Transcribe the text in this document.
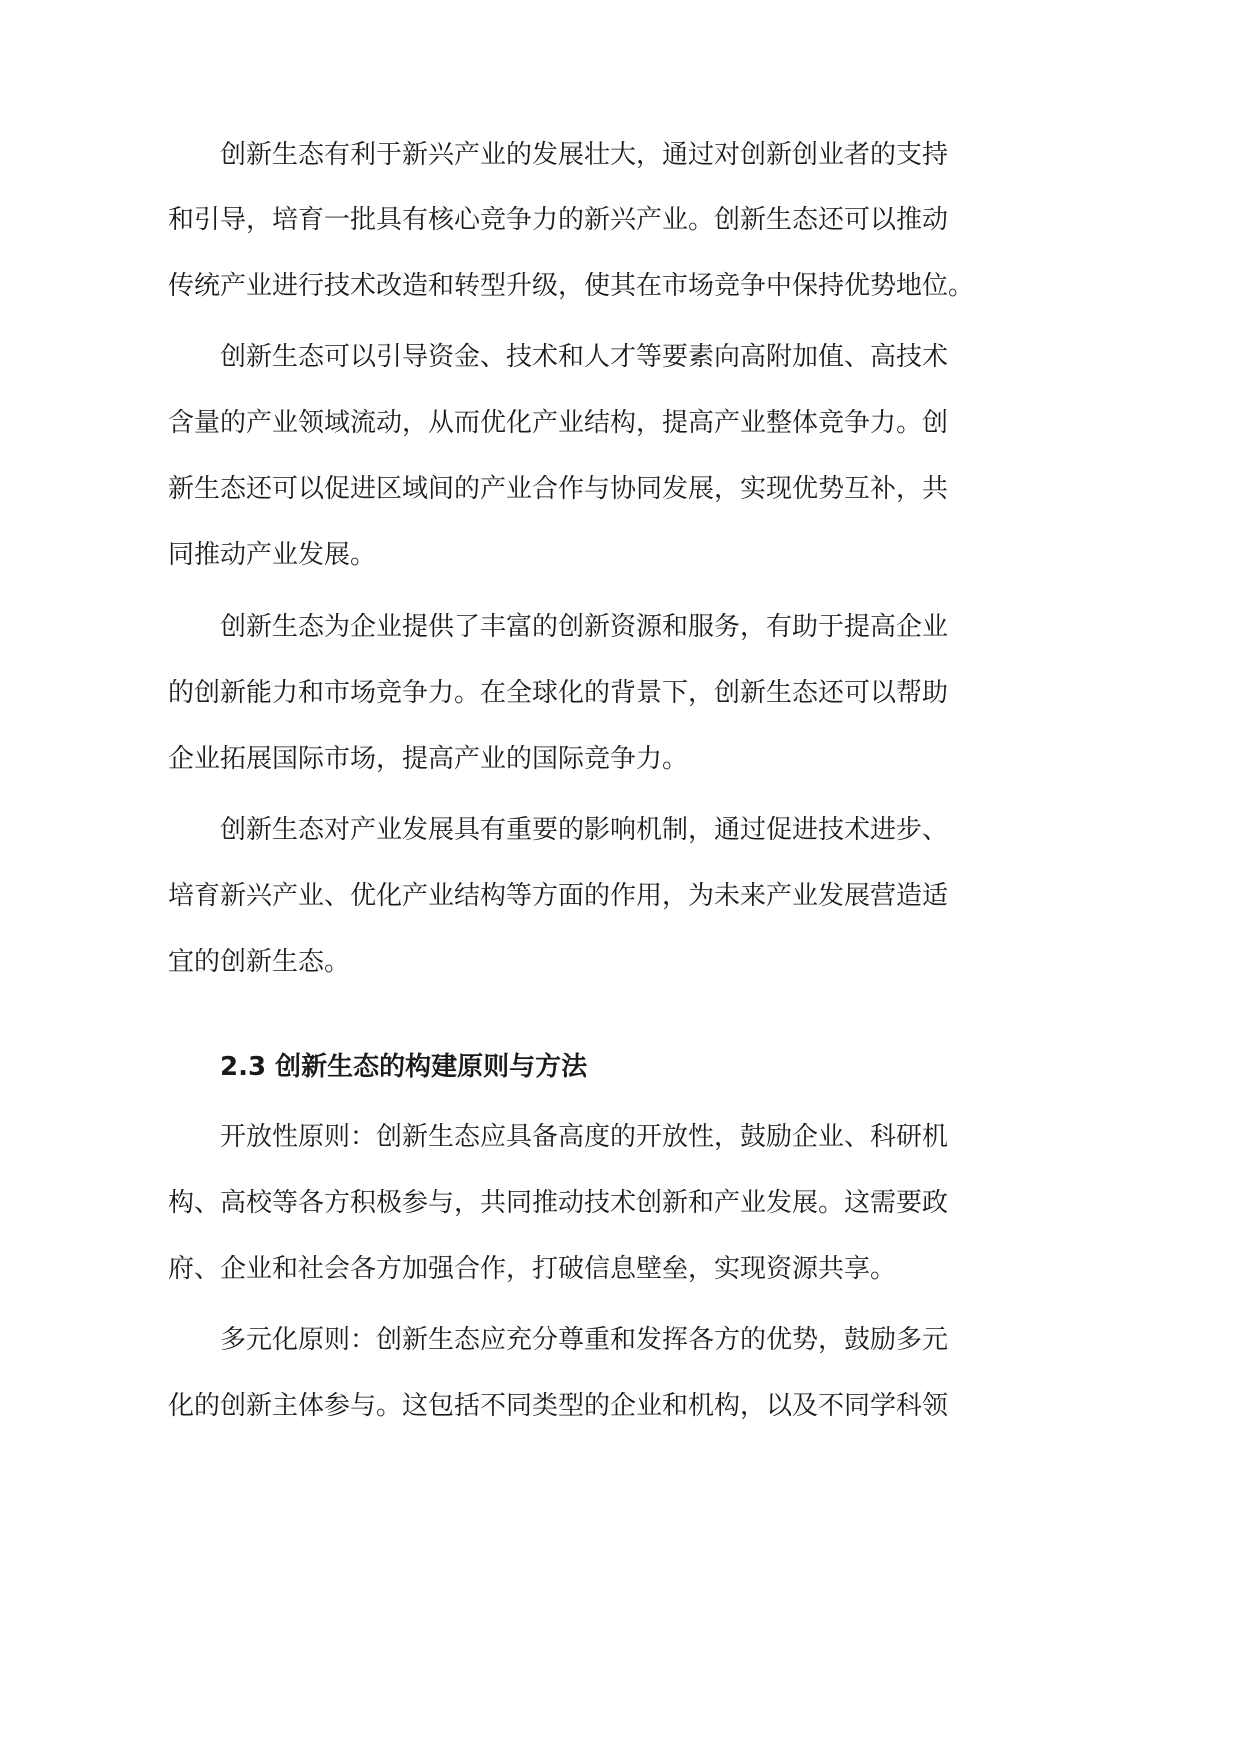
创新生态有利于新兴产业的发展壮大，通过对创新创业者的支持
和引导，培育一批具有核心竞争力的新兴产业。创新生态还可以推动
传统产业进行技术改造和转型升级，使其在市场竞争中保持优势地位。
创新生态可以引导资金、技术和人才等要素向高附加值、高技术
含量的产业领域流动，从而优化产业结构，提高产业整体竞争力。创
新生态还可以促进区域间的产业合作与协同发展，实现优势互补，共
同推动产业发展。
创新生态为企业提供了丰富的创新资源和服务，有助于提高企业
的创新能力和市场竞争力。在全球化的背景下，创新生态还可以帮助
企业拓展国际市场，提高产业的国际竞争力。
创新生态对产业发展具有重要的影响机制，通过促进技术进步、
培育新兴产业、优化产业结构等方面的作用，为未来产业发展营造适
宜的创新生态。
2.3 创新生态的构建原则与方法
开放性原则：创新生态应具备高度的开放性，鼓励企业、科研机
构、高校等各方积极参与，共同推动技术创新和产业发展。这需要政
府、企业和社会各方加强合作，打破信息壁垒，实现资源共享。
多元化原则：创新生态应充分尊重和发挥各方的优势，鼓励多元
化的创新主体参与。这包括不同类型的企业和机构，以及不同学科领
